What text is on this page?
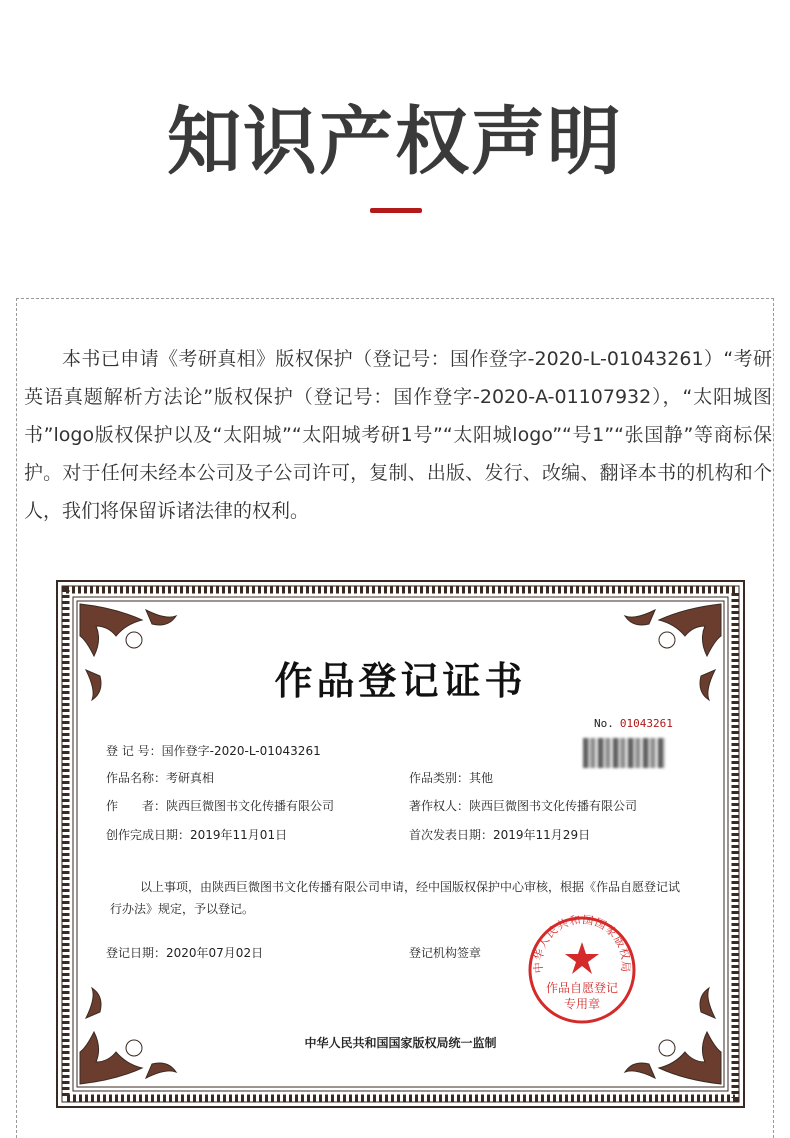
知识产权声明

本书已申请《考研真相》版权保护（登记号：国作登字-2020-L-01043261）“考研英语真题解析方法论”版权保护（登记号：国作登字-2020-A-01107932），“太阳城图书”logo版权保护以及“太阳城”“太阳城考研1号”“太阳城logo”“号1”“张国静”等商标保护。对于任何未经本公司及子公司许可，复制、出版、发行、改编、翻译本书的机构和个人，我们将保留诉诸法律的权利。

作品登记证书
No. 01043261
登 记 号：国作登字-2020-L-01043261
作品名称：考研真相	作品类别：其他
作　　者：陕西巨微图书文化传播有限公司	著作权人：陕西巨微图书文化传播有限公司
创作完成日期：2019年11月01日	首次发表日期：2019年11月29日
以上事项，由陕西巨微图书文化传播有限公司申请，经中国版权保护中心审核，根据《作品自愿登记试行办法》规定，予以登记。
登记日期：2020年07月02日	登记机构签章
中华人民共和国国家版权局
作品自愿登记
专用章
中华人民共和国国家版权局统一监制
